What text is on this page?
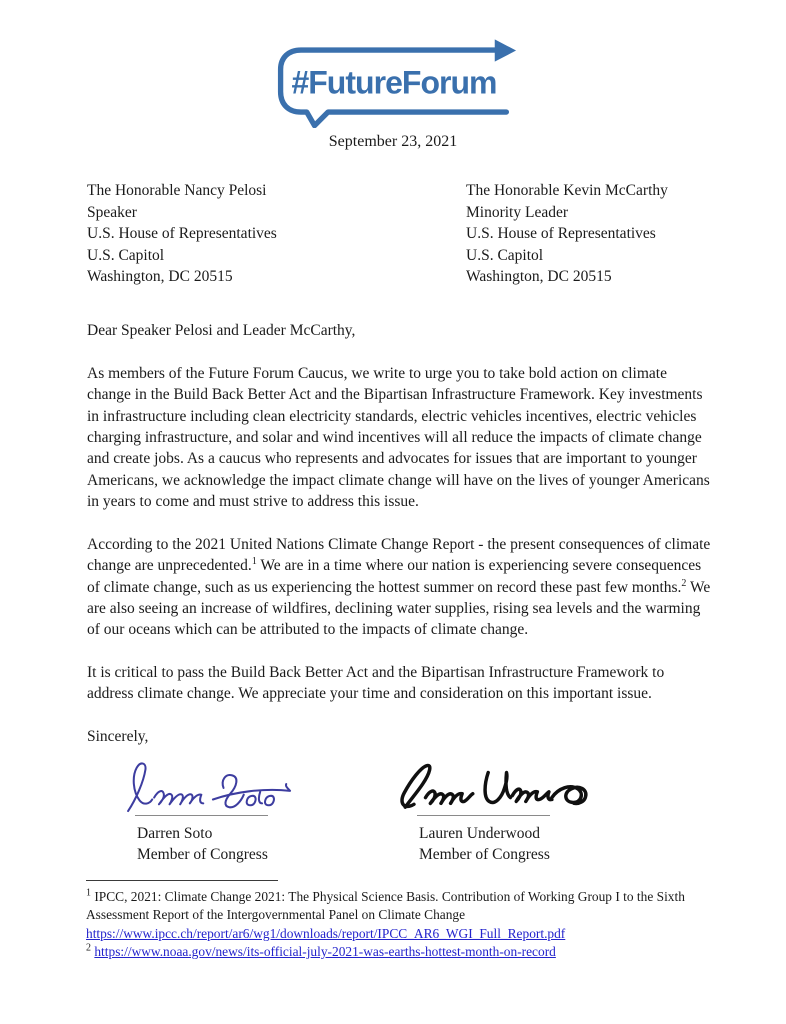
#FutureForum
September 23, 2021
The Honorable Nancy Pelosi
Speaker
U.S. House of Representatives
U.S. Capitol
Washington, DC 20515
The Honorable Kevin McCarthy
Minority Leader
U.S. House of Representatives
U.S. Capitol
Washington, DC 20515
Dear Speaker Pelosi and Leader McCarthy,

As members of the Future Forum Caucus, we write to urge you to take bold action on climate change in the Build Back Better Act and the Bipartisan Infrastructure Framework. Key investments in infrastructure including clean electricity standards, electric vehicles incentives, electric vehicles charging infrastructure, and solar and wind incentives will all reduce the impacts of climate change and create jobs. As a caucus who represents and advocates for issues that are important to younger Americans, we acknowledge the impact climate change will have on the lives of younger Americans in years to come and must strive to address this issue.

According to the 2021 United Nations Climate Change Report - the present consequences of climate change are unprecedented.$^1$ We are in a time where our nation is experiencing severe consequences of climate change, such as us experiencing the hottest summer on record these past few months.$^2$ We are also seeing an increase of wildfires, declining water supplies, rising sea levels and the warming of our oceans which can be attributed to the impacts of climate change.

It is critical to pass the Build Back Better Act and the Bipartisan Infrastructure Framework to address climate change. We appreciate your time and consideration on this important issue.

Sincerely,
Darren Soto
Member of Congress
Lauren Underwood
Member of Congress

$^1$ IPCC, 2021: Climate Change 2021: The Physical Science Basis. Contribution of Working Group I to the Sixth Assessment Report of the Intergovernmental Panel on Climate Change
https://www.ipcc.ch/report/ar6/wg1/downloads/report/IPCC_AR6_WGI_Full_Report.pdf

$^2$ https://www.noaa.gov/news/its-official-july-2021-was-earths-hottest-month-on-record
